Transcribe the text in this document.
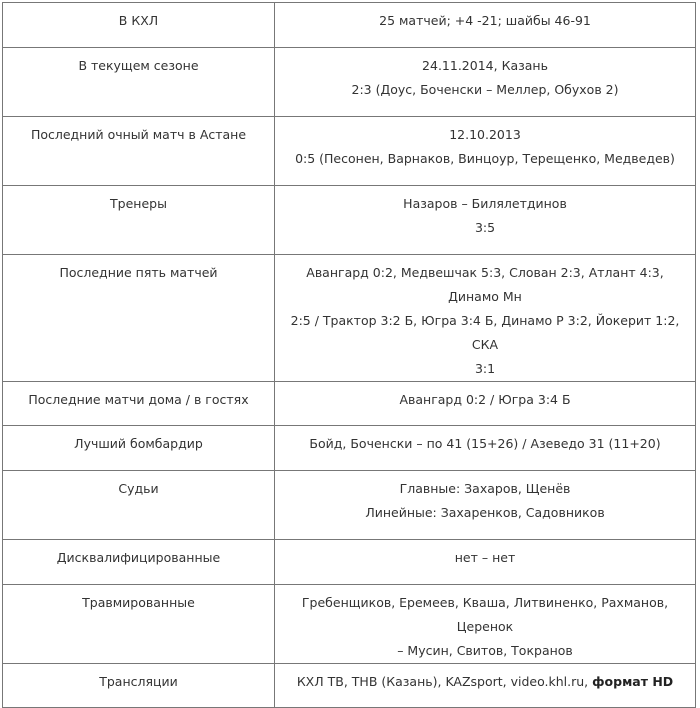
В КХЛ	25 матчей; +4 -21; шайбы 46-91

В текущем сезоне	24.11.2014, Казань
2:3 (Доус, Боченски – Меллер, Обухов 2)

Последний очный матч в Астане	12.10.2013
0:5 (Песонен, Варнаков, Винцоур, Терещенко, Медведев)

Тренеры	Назаров – Билялетдинов
3:5

Последние пять матчей	Авангард 0:2, Медвешчак 5:3, Слован 2:3, Атлант 4:3, Динамо Мн
2:5 / Трактор 3:2 Б, Югра 3:4 Б, Динамо Р 3:2, Йокерит 1:2, СКА
3:1

Последние матчи дома / в гостях	Авангард 0:2 / Югра 3:4 Б

Лучший бомбардир	Бойд, Боченски – по 41 (15+26) / Азеведо 31 (11+20)

Судьи	Главные: Захаров, Щенёв
Линейные: Захаренков, Садовников

Дисквалифицированные	нет – нет

Травмированные	Гребенщиков, Еремеев, Кваша, Литвиненко, Рахманов, Церенок
– Мусин, Свитов, Токранов

Трансляции	КХЛ ТВ, ТНВ (Казань), KAZsport, video.khl.ru, формат HD
